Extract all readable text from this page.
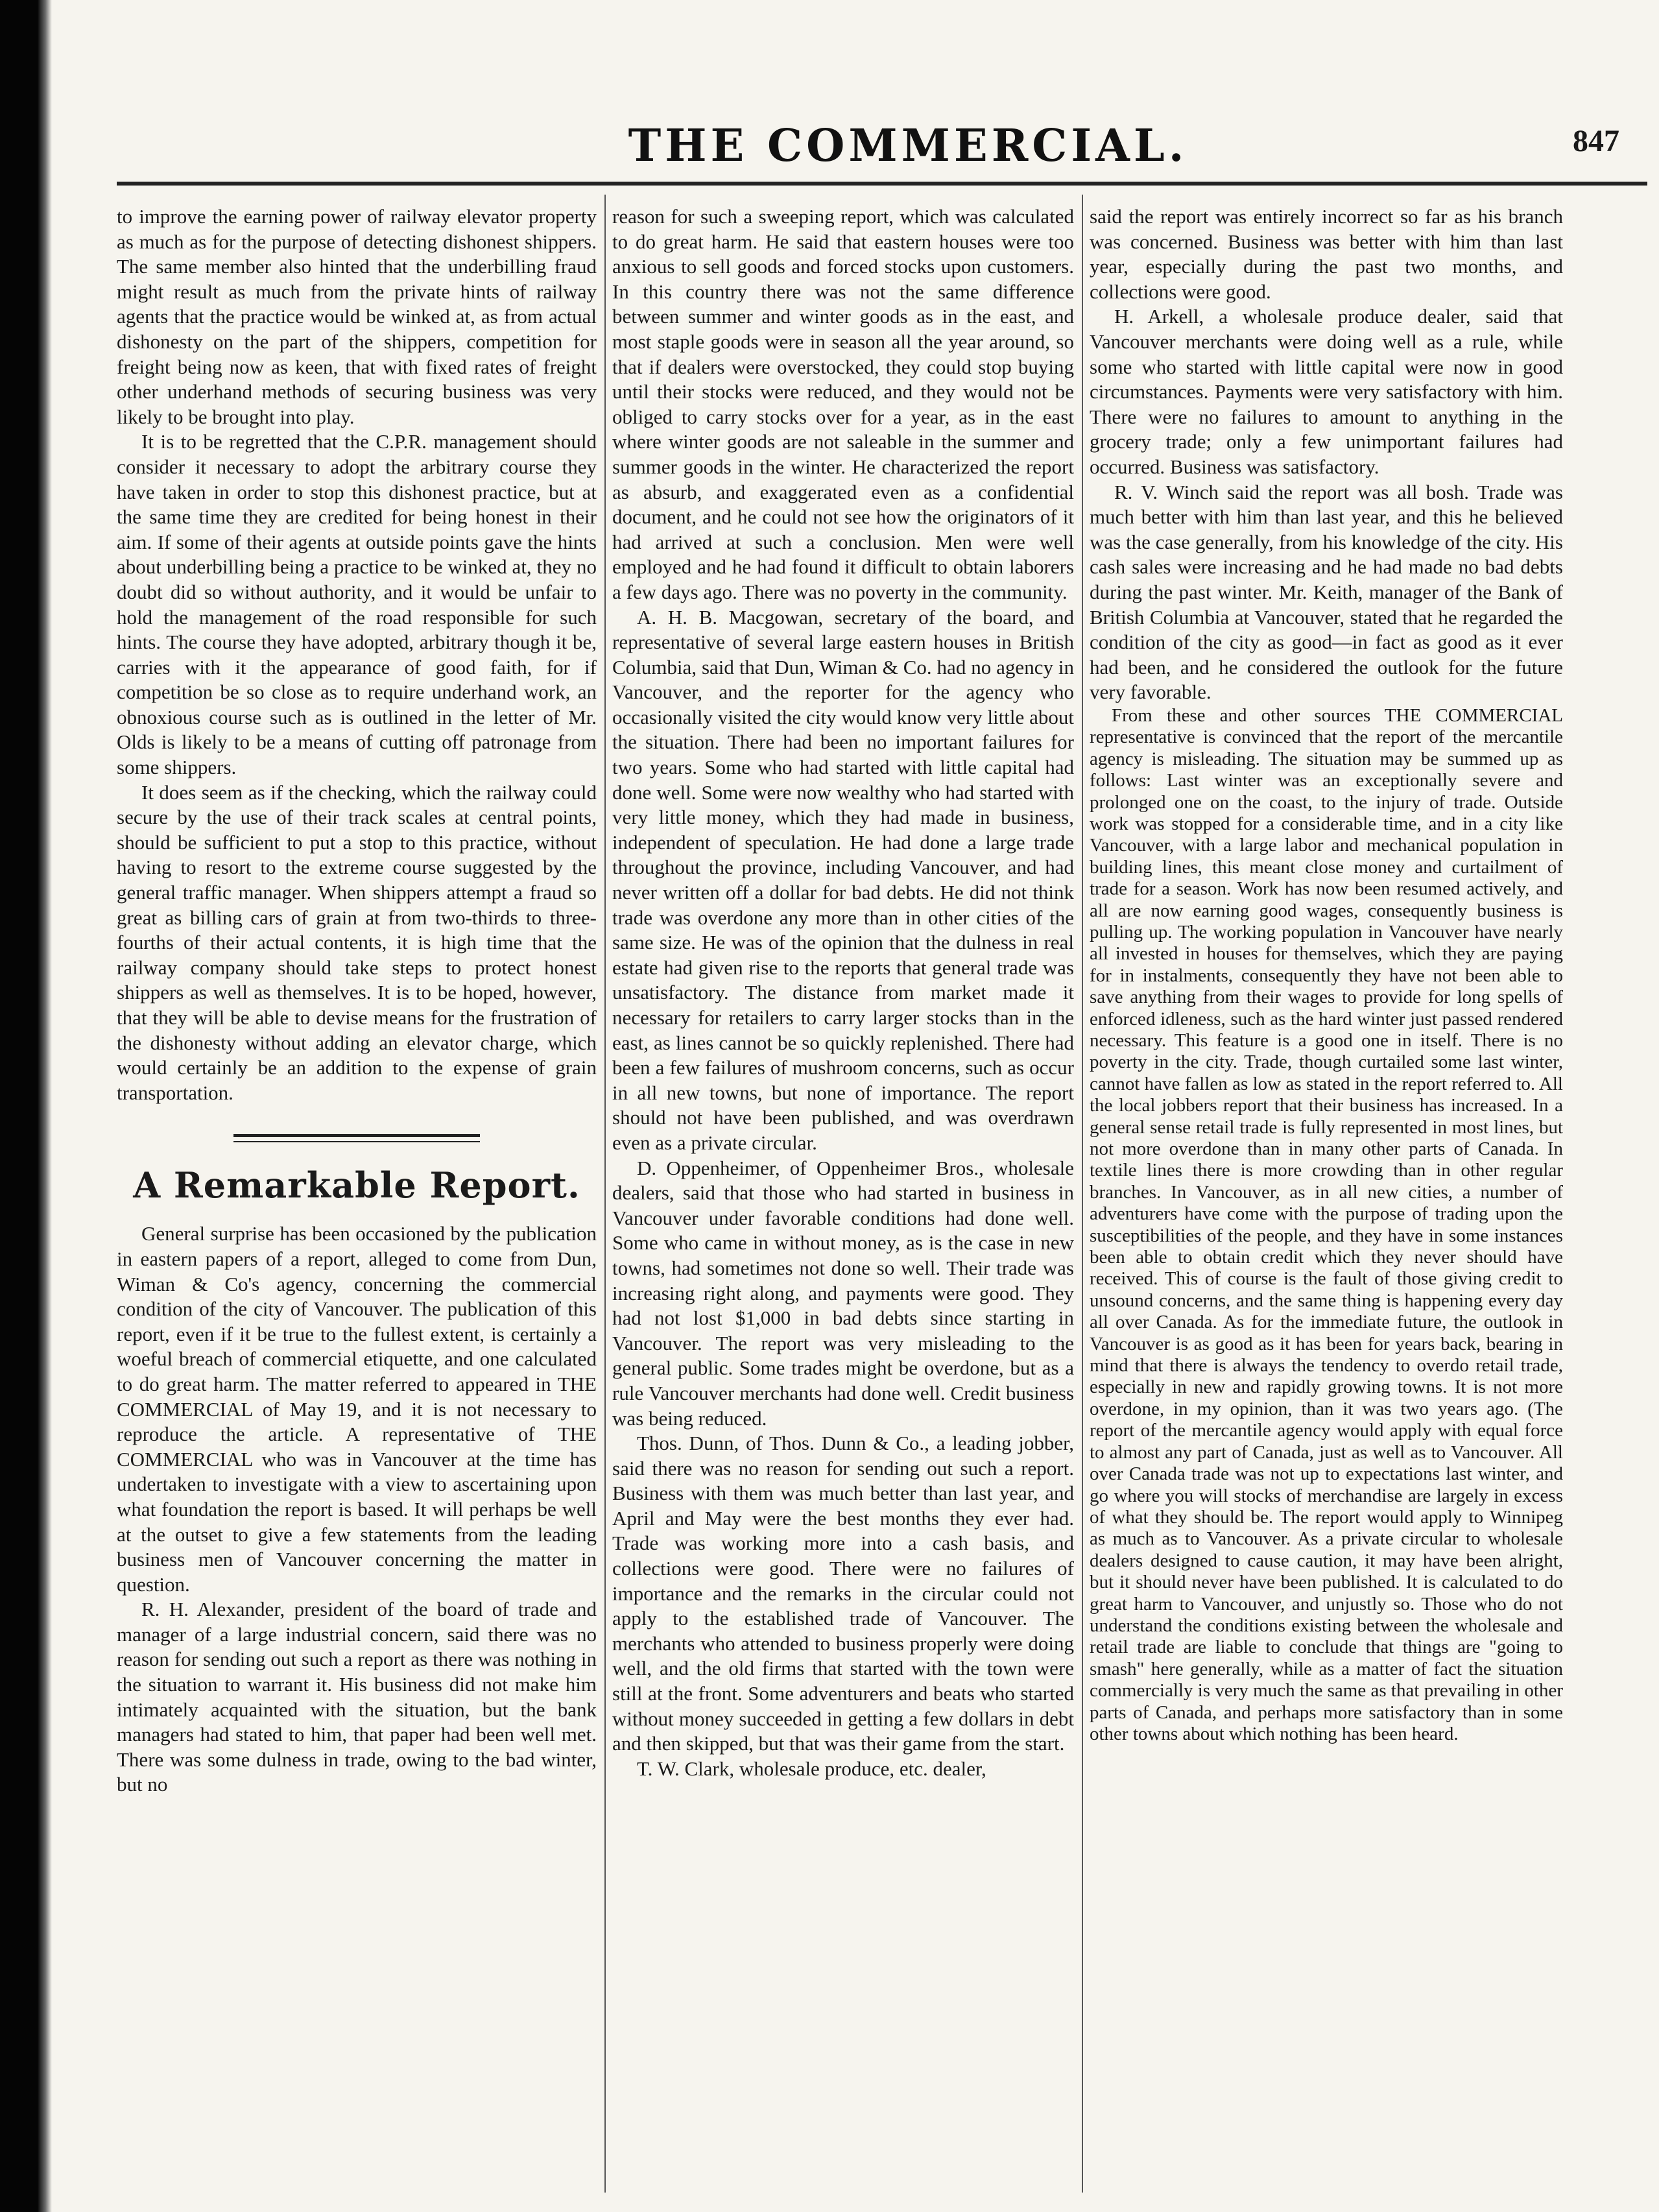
THE COMMERCIAL.	847

to improve the earning power of railway elevator property as much as for the purpose of detecting dishonest shippers. The same member also hinted that the underbilling fraud might result as much from the private hints of railway agents that the practice would be winked at, as from actual dishonesty on the part of the shippers, competition for freight being now as keen, that with fixed rates of freight other underhand methods of securing business was very likely to be brought into play.

It is to be regretted that the C.P.R. management should consider it necessary to adopt the arbitrary course they have taken in order to stop this dishonest practice, but at the same time they are credited for being honest in their aim. If some of their agents at outside points gave the hints about underbilling being a practice to be winked at, they no doubt did so without authority, and it would be unfair to hold the management of the road responsible for such hints. The course they have adopted, arbitrary though it be, carries with it the appearance of good faith, for if competition be so close as to require underhand work, an obnoxious course such as is outlined in the letter of Mr. Olds is likely to be a means of cutting off patronage from some shippers.

It does seem as if the checking, which the railway could secure by the use of their track scales at central points, should be sufficient to put a stop to this practice, without having to resort to the extreme course suggested by the general traffic manager. When shippers attempt a fraud so great as billing cars of grain at from two-thirds to three-fourths of their actual contents, it is high time that the railway company should take steps to protect honest shippers as well as themselves. It is to be hoped, however, that they will be able to devise means for the frustration of the dishonesty without adding an elevator charge, which would certainly be an addition to the expense of grain transportation.

A Remarkable Report.

General surprise has been occasioned by the publication in eastern papers of a report, alleged to come from Dun, Wiman & Co's agency, concerning the commercial condition of the city of Vancouver. The publication of this report, even if it be true to the fullest extent, is certainly a woeful breach of commercial etiquette, and one calculated to do great harm. The matter referred to appeared in THE COMMERCIAL of May 19, and it is not necessary to reproduce the article. A representative of THE COMMERCIAL who was in Vancouver at the time has undertaken to investigate with a view to ascertaining upon what foundation the report is based. It will perhaps be well at the outset to give a few statements from the leading business men of Vancouver concerning the matter in question.

R. H. Alexander, president of the board of trade and manager of a large industrial concern, said there was no reason for sending out such a report as there was nothing in the situation to warrant it. His business did not make him intimately acquainted with the situation, but the bank managers had stated to him, that paper had been well met. There was some dulness in trade, owing to the bad winter, but no

reason for such a sweeping report, which was calculated to do great harm. He said that eastern houses were too anxious to sell goods and forced stocks upon customers. In this country there was not the same difference between summer and winter goods as in the east, and most staple goods were in season all the year around, so that if dealers were overstocked, they could stop buying until their stocks were reduced, and they would not be obliged to carry stocks over for a year, as in the east where winter goods are not saleable in the summer and summer goods in the winter. He characterized the report as absurb, and exaggerated even as a confidential document, and he could not see how the originators of it had arrived at such a conclusion. Men were well employed and he had found it difficult to obtain laborers a few days ago. There was no poverty in the community.

A. H. B. Macgowan, secretary of the board, and representative of several large eastern houses in British Columbia, said that Dun, Wiman & Co. had no agency in Vancouver, and the reporter for the agency who occasionally visited the city would know very little about the situation. There had been no important failures for two years. Some who had started with little capital had done well. Some were now wealthy who had started with very little money, which they had made in business, independent of speculation. He had done a large trade throughout the province, including Vancouver, and had never written off a dollar for bad debts. He did not think trade was overdone any more than in other cities of the same size. He was of the opinion that the dulness in real estate had given rise to the reports that general trade was unsatisfactory. The distance from market made it necessary for retailers to carry larger stocks than in the east, as lines cannot be so quickly replenished. There had been a few failures of mushroom concerns, such as occur in all new towns, but none of importance. The report should not have been published, and was overdrawn even as a private circular.

D. Oppenheimer, of Oppenheimer Bros., wholesale dealers, said that those who had started in business in Vancouver under favorable conditions had done well. Some who came in without money, as is the case in new towns, had sometimes not done so well. Their trade was increasing right along, and payments were good. They had not lost $1,000 in bad debts since starting in Vancouver. The report was very misleading to the general public. Some trades might be overdone, but as a rule Vancouver merchants had done well. Credit business was being reduced.

Thos. Dunn, of Thos. Dunn & Co., a leading jobber, said there was no reason for sending out such a report. Business with them was much better than last year, and April and May were the best months they ever had. Trade was working more into a cash basis, and collections were good. There were no failures of importance and the remarks in the circular could not apply to the established trade of Vancouver. The merchants who attended to business properly were doing well, and the old firms that started with the town were still at the front. Some adventurers and beats who started without money succeeded in getting a few dollars in debt and then skipped, but that was their game from the start.

T. W. Clark, wholesale produce, etc. dealer,

said the report was entirely incorrect so far as his branch was concerned. Business was better with him than last year, especially during the past two months, and collections were good.

H. Arkell, a wholesale produce dealer, said that Vancouver merchants were doing well as a rule, while some who started with little capital were now in good circumstances. Payments were very satisfactory with him. There were no failures to amount to anything in the grocery trade; only a few unimportant failures had occurred. Business was satisfactory.

R. V. Winch said the report was all bosh. Trade was much better with him than last year, and this he believed was the case generally, from his knowledge of the city. His cash sales were increasing and he had made no bad debts during the past winter. Mr. Keith, manager of the Bank of British Columbia at Vancouver, stated that he regarded the condition of the city as good—in fact as good as it ever had been, and he considered the outlook for the future very favorable.

From these and other sources THE COMMERCIAL representative is convinced that the report of the mercantile agency is misleading. The situation may be summed up as follows: Last winter was an exceptionally severe and prolonged one on the coast, to the injury of trade. Outside work was stopped for a considerable time, and in a city like Vancouver, with a large labor and mechanical population in building lines, this meant close money and curtailment of trade for a season. Work has now been resumed actively, and all are now earning good wages, consequently business is pulling up. The working population in Vancouver have nearly all invested in houses for themselves, which they are paying for in instalments, consequently they have not been able to save anything from their wages to provide for long spells of enforced idleness, such as the hard winter just passed rendered necessary. This feature is a good one in itself. There is no poverty in the city. Trade, though curtailed some last winter, cannot have fallen as low as stated in the report referred to. All the local jobbers report that their business has increased. In a general sense retail trade is fully represented in most lines, but not more overdone than in many other parts of Canada. In textile lines there is more crowding than in other regular branches. In Vancouver, as in all new cities, a number of adventurers have come with the purpose of trading upon the susceptibilities of the people, and they have in some instances been able to obtain credit which they never should have received. This of course is the fault of those giving credit to unsound concerns, and the same thing is happening every day all over Canada. As for the immediate future, the outlook in Vancouver is as good as it has been for years back, bearing in mind that there is always the tendency to overdo retail trade, especially in new and rapidly growing towns. It is not more overdone, in my opinion, than it was two years ago. (The report of the mercantile agency would apply with equal force to almost any part of Canada, just as well as to Vancouver. All over Canada trade was not up to expectations last winter, and go where you will stocks of merchandise are largely in excess of what they should be. The report would apply to Winnipeg as much as to Vancouver. As a private circular to wholesale dealers designed to cause caution, it may have been alright, but it should never have been published. It is calculated to do great harm to Vancouver, and unjustly so. Those who do not understand the conditions existing between the wholesale and retail trade are liable to conclude that things are "going to smash" here generally, while as a matter of fact the situation commercially is very much the same as that prevailing in other parts of Canada, and perhaps more satisfactory than in some other towns about which nothing has been heard.
